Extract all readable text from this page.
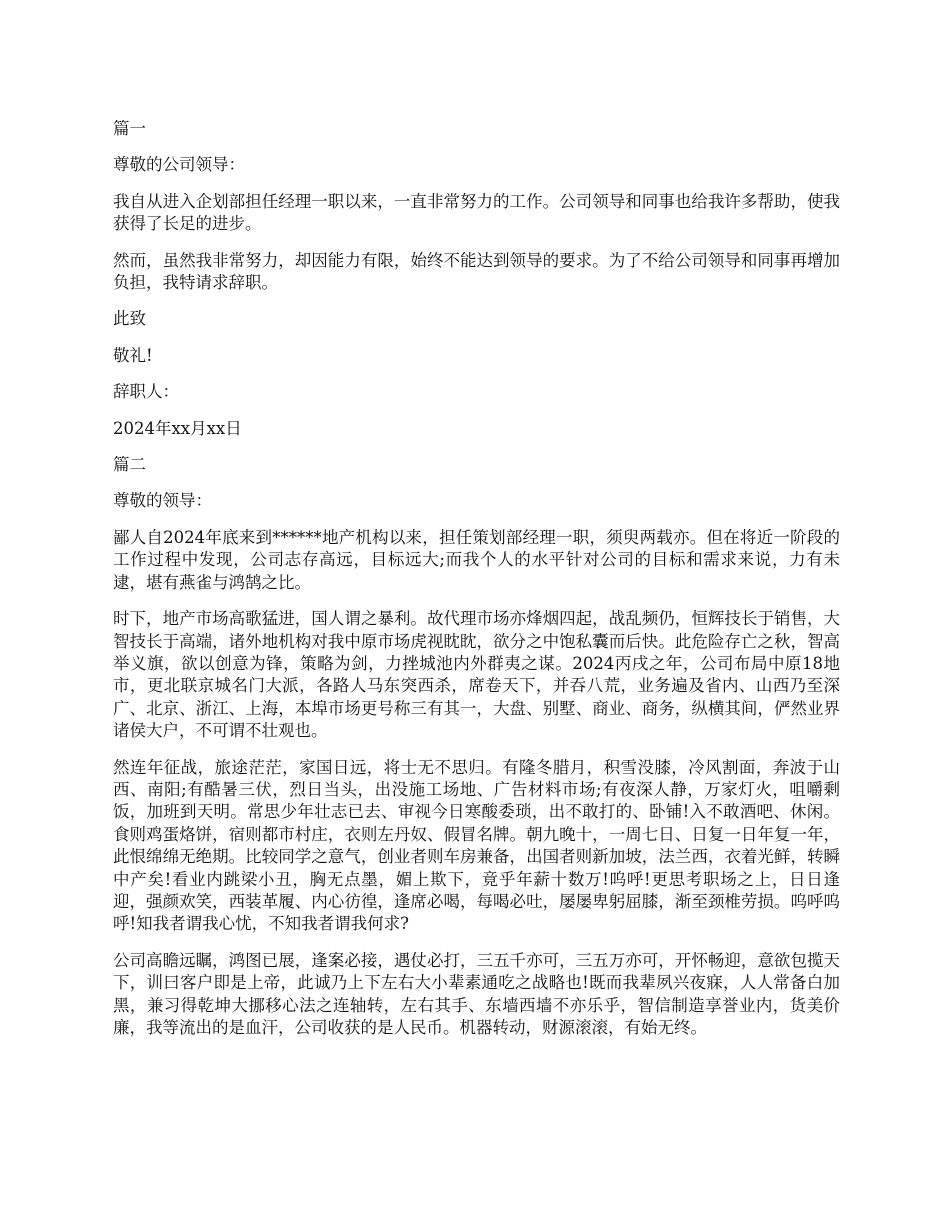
篇一

尊敬的公司领导：

我自从进入企划部担任经理一职以来，一直非常努力的工作。公司领导和同事也给我许多帮助，使我获得了长足的进步。

然而，虽然我非常努力，却因能力有限，始终不能达到领导的要求。为了不给公司领导和同事再增加负担，我特请求辞职。

此致

敬礼!

辞职人：

2024年xx月xx日

篇二

尊敬的领导：

鄙人自2024年底来到******地产机构以来，担任策划部经理一职，须臾两载亦。但在将近一阶段的工作过程中发现，公司志存高远，目标远大;而我个人的水平针对公司的目标和需求来说，力有未逮，堪有燕雀与鸿鹄之比。

时下，地产市场高歌猛进，国人谓之暴利。故代理市场亦烽烟四起，战乱频仍，恒辉技长于销售，大智技长于高端，诸外地机构对我中原市场虎视眈眈，欲分之中饱私囊而后快。此危险存亡之秋，智高举义旗，欲以创意为锋，策略为剑，力挫城池内外群夷之谋。2024丙戌之年，公司布局中原18地市，更北联京城名门大派，各路人马东突西杀，席卷天下，并吞八荒，业务遍及省内、山西乃至深广、北京、浙江、上海，本埠市场更号称三有其一，大盘、别墅、商业、商务，纵横其间，俨然业界诸侯大户，不可谓不壮观也。

然连年征战，旅途茫茫，家国日远，将士无不思归。有隆冬腊月，积雪没膝，冷风割面，奔波于山西、南阳;有酷暑三伏，烈日当头，出没施工场地、广告材料市场;有夜深人静，万家灯火，咀嚼剩饭，加班到天明。常思少年壮志已去、审视今日寒酸委琐，出不敢打的、卧铺!入不敢酒吧、休闲。食则鸡蛋烙饼，宿则都市村庄，衣则左丹奴、假冒名牌。朝九晚十，一周七日、日复一日年复一年，此恨绵绵无绝期。比较同学之意气，创业者则车房兼备，出国者则新加坡，法兰西，衣着光鲜，转瞬中产矣!看业内跳梁小丑，胸无点墨，媚上欺下，竟乎年薪十数万!呜呼!更思考职场之上，日日逢迎，强颜欢笑，西装革履、内心彷徨，逢席必喝，每喝必吐，屡屡卑躬屈膝，渐至颈椎劳损。呜呼呜呼!知我者谓我心忧，不知我者谓我何求?

公司高瞻远瞩，鸿图已展，逢案必接，遇仗必打，三五千亦可，三五万亦可，开怀畅迎，意欲包揽天下，训曰客户即是上帝，此诚乃上下左右大小辈素通吃之战略也!既而我辈夙兴夜寐，人人常备白加黑，兼习得乾坤大挪移心法之连轴转，左右其手、东墙西墙不亦乐乎，智信制造享誉业内，货美价廉，我等流出的是血汗，公司收获的是人民币。机器转动，财源滚滚，有始无终。
